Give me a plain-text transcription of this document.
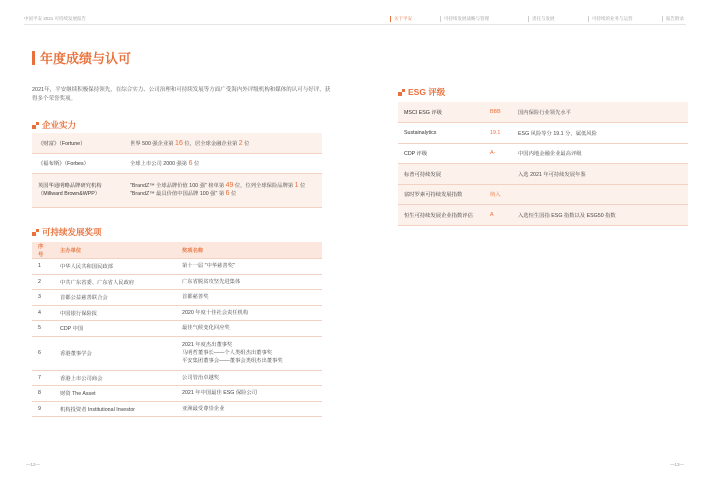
中国平安 2021 可持续发展报告	关于平安	可持续发展战略与管理	责任与发展	可持续的业务与运营	报告附录
年度成绩与认可

2021年，平安继续积极保持领先，在综合实力、公司治理和可持续发展等方面广受海内外评级机构和媒体的认可与好评，获得多个荣誉奖项。

企业实力
《财富》（Fortune）	世界 500 强企业第 16 位，居全球金融企业第 2 位
《福布斯》（Forbes）	全球上市公司 2000 强第 6 位
英国华通明略品牌研究机构（Millward Brown&WPP）	"BrandZ™ 全球品牌价值 100 强" 榜单第 49 位，位列全球保险品牌第 1 位
"BrandZ™ 最具价值中国品牌 100 强" 第 6 位
可持续发展奖项
序号	主办单位	奖项名称
1	中华人民共和国民政部	第十一届 "中华慈善奖"

2	中共广东省委、广东省人民政府	广东省脱贫攻坚先进集体

3	首都公益慈善联合会	首都慈善奖

4	中国银行保险报	2020 年度十佳社会责任机构

5	CDP 中国	最佳气候变化回应奖

6	香港董事学会	2021 年度杰出董事奖
马明哲董事长——个人类组杰出董事奖
平安集团董事会——董事会类组杰出董事奖

7	香港上市公司商会	公司管治卓越奖

8	财资 The Asset	2021 年中国最佳 ESG 保险公司

9	机构投资者 Institutional Investor	亚洲最受尊崇企业
ESG 评级
MSCI ESG 评级	BBB	国内保险行业领先水平
Sustainalytics	19.1	ESG 风险等分 19.1 分，属低风险
CDP 评级	A-	中国内地金融企业最高评级
标普可持续发展		入选 2021 年可持续发展年鉴
富时罗素可持续发展指数	纳入	
恒生可持续发展企业指数评估	A	入选恒生国指 ESG 指数以及 ESG50 指数
—12—	—13—
